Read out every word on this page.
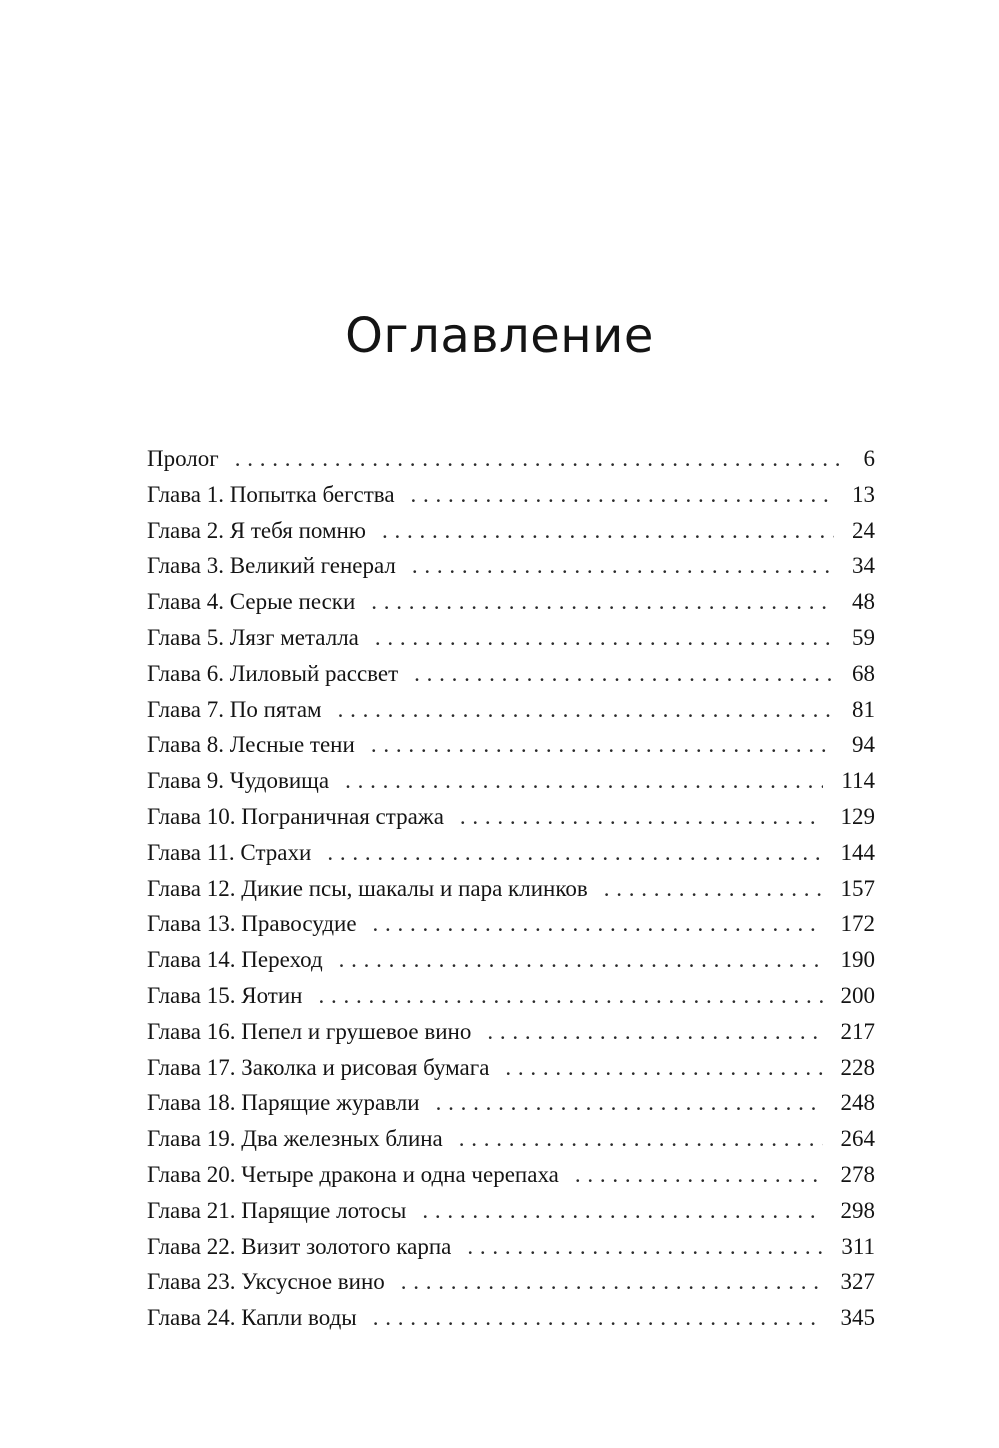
Оглавление
Пролог . . .	6
Глава 1. Попытка бегства . . .	13
Глава 2. Я тебя помню . . .	24
Глава 3. Великий генерал . . .	34
Глава 4. Серые пески . . .	48
Глава 5. Лязг металла . . .	59
Глава 6. Лиловый рассвет . . .	68
Глава 7. По пятам . . .	81
Глава 8. Лесные тени . . .	94
Глава 9. Чудовища . . .	114
Глава 10. Пограничная стража . . .	129
Глава 11. Страхи . . .	144
Глава 12. Дикие псы, шакалы и пара клинков . . .	157
Глава 13. Правосудие . . .	172
Глава 14. Переход . . .	190
Глава 15. Яотин . . .	200
Глава 16. Пепел и грушевое вино . . .	217
Глава 17. Заколка и рисовая бумага . . .	228
Глава 18. Парящие журавли . . .	248
Глава 19. Два железных блина . . .	264
Глава 20. Четыре дракона и одна черепаха . . .	278
Глава 21. Парящие лотосы . . .	298
Глава 22. Визит золотого карпа . . .	311
Глава 23. Уксусное вино . . .	327
Глава 24. Капли воды . . .	345
